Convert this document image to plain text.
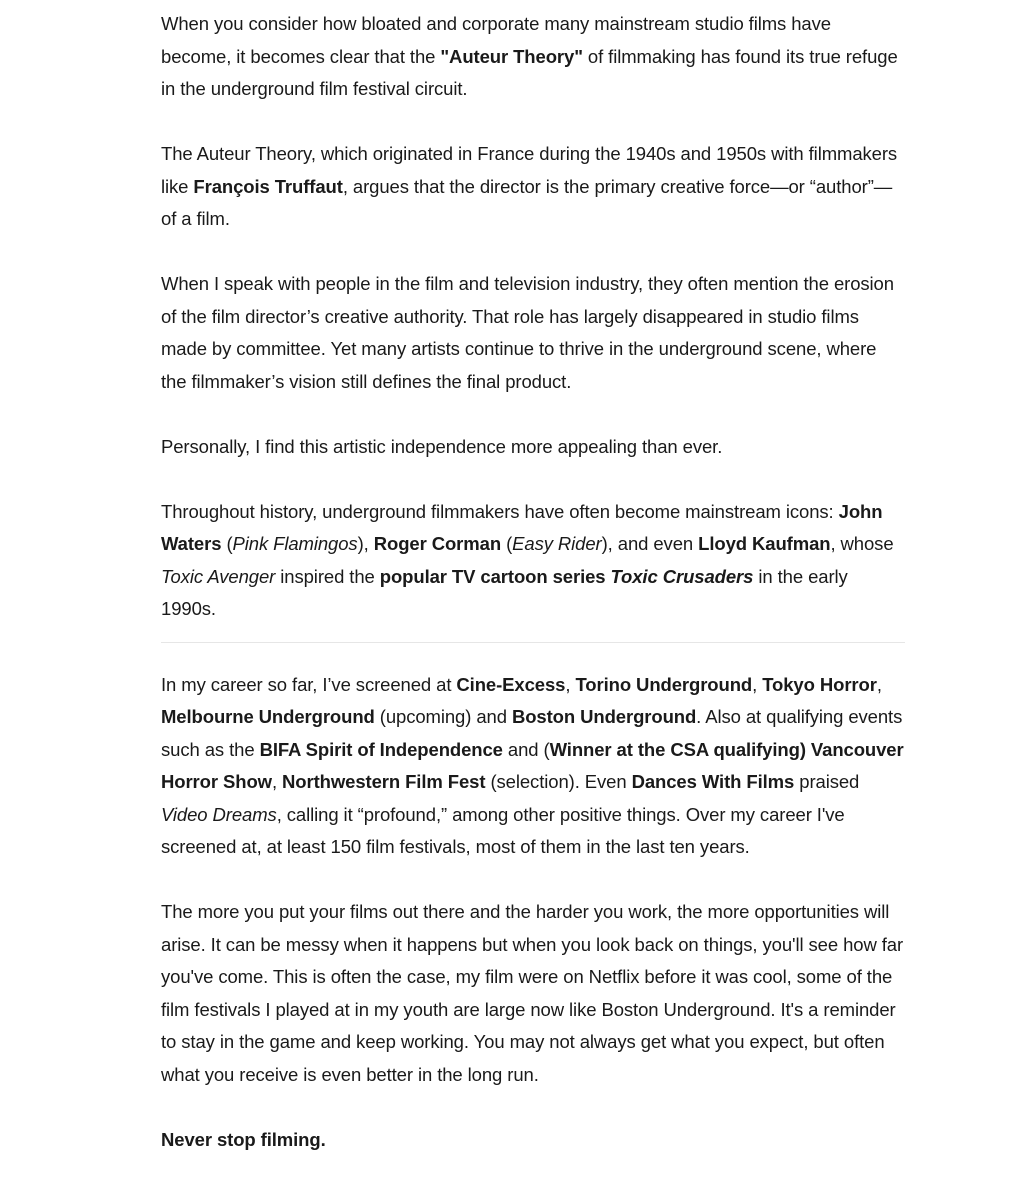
When you consider how bloated and corporate many mainstream studio films have become, it becomes clear that the "Auteur Theory" of filmmaking has found its true refuge in the underground film festival circuit.

The Auteur Theory, which originated in France during the 1940s and 1950s with filmmakers like François Truffaut, argues that the director is the primary creative force—or “author”—of a film.

When I speak with people in the film and television industry, they often mention the erosion of the film director’s creative authority. That role has largely disappeared in studio films made by committee. Yet many artists continue to thrive in the underground scene, where the filmmaker’s vision still defines the final product.

Personally, I find this artistic independence more appealing than ever.

Throughout history, underground filmmakers have often become mainstream icons: John Waters (Pink Flamingos), Roger Corman (Easy Rider), and even Lloyd Kaufman, whose Toxic Avenger inspired the popular TV cartoon series Toxic Crusaders in the early 1990s.

In my career so far, I’ve screened at Cine-Excess, Torino Underground, Tokyo Horror, Melbourne Underground (upcoming) and Boston Underground. Also at qualifying events such as the BIFA Spirit of Independence and (Winner at the CSA qualifying) Vancouver Horror Show, Northwestern Film Fest (selection). Even Dances With Films praised Video Dreams, calling it “profound,” among other positive things. Over my career I've screened at, at least 150 film festivals, most of them in the last ten years.

The more you put your films out there and the harder you work, the more opportunities will arise. It can be messy when it happens but when you look back on things, you'll see how far you've come. This is often the case, my film were on Netflix before it was cool, some of the film festivals I played at in my youth are large now like Boston Underground. It's a reminder to stay in the game and keep working. You may not always get what you expect, but often what you receive is even better in the long run.

Never stop filming.
